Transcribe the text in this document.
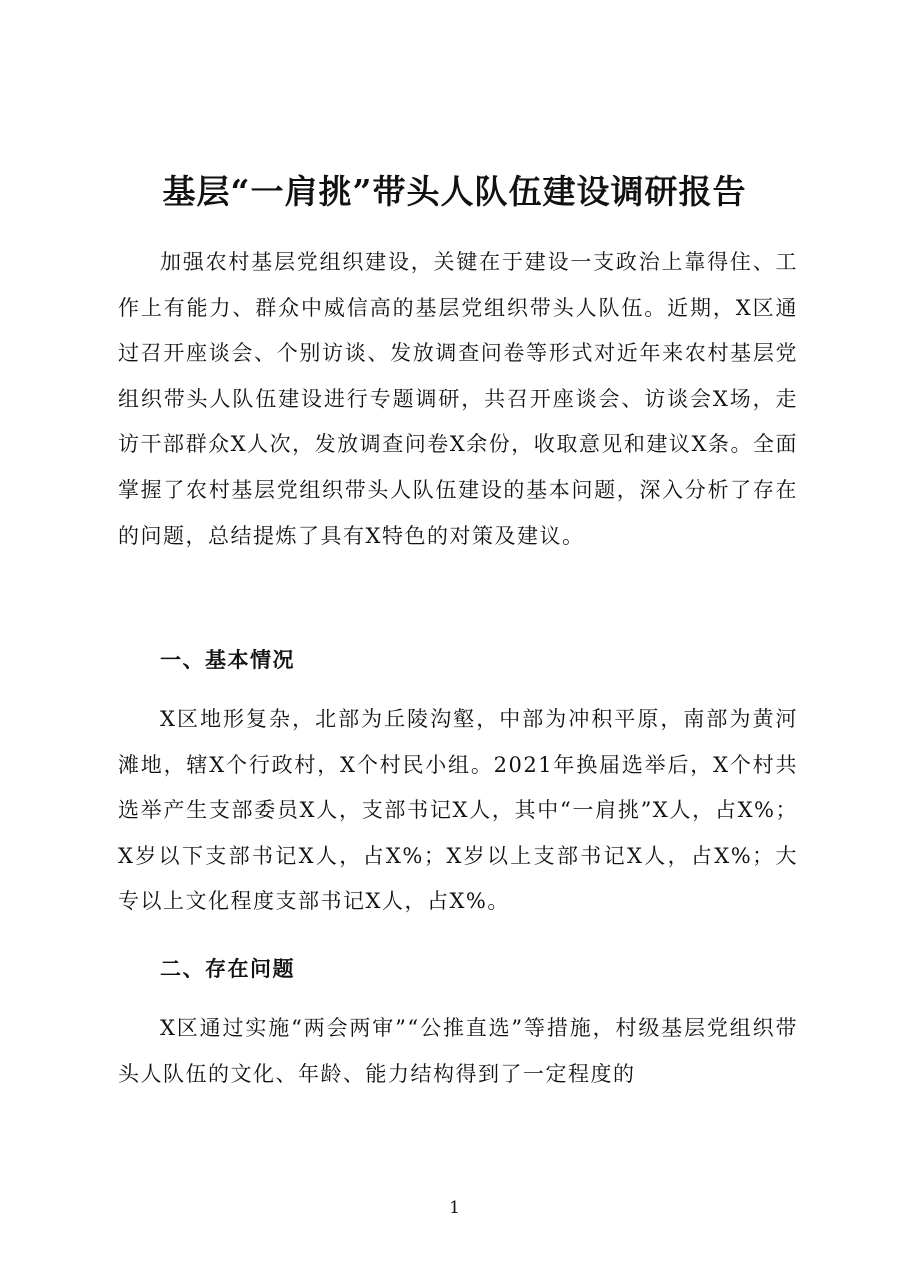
基层“一肩挑”带头人队伍建设调研报告

加强农村基层党组织建设，关键在于建设一支政治上靠得住、工作上有能力、群众中威信高的基层党组织带头人队伍。近期，X区通过召开座谈会、个别访谈、发放调查问卷等形式对近年来农村基层党组织带头人队伍建设进行专题调研，共召开座谈会、访谈会X场，走访干部群众X人次，发放调查问卷X余份，收取意见和建议X条。全面掌握了农村基层党组织带头人队伍建设的基本问题，深入分析了存在的问题，总结提炼了具有X特色的对策及建议。

一、基本情况

X区地形复杂，北部为丘陵沟壑，中部为冲积平原，南部为黄河滩地，辖X个行政村，X个村民小组。2021年换届选举后，X个村共选举产生支部委员X人，支部书记X人，其中“一肩挑”X人，占X%；X岁以下支部书记X人，占X%；X岁以上支部书记X人，占X%；大专以上文化程度支部书记X人，占X%。

二、存在问题

X区通过实施“两会两审”“公推直选”等措施，村级基层党组织带头人队伍的文化、年龄、能力结构得到了一定程度的

1
